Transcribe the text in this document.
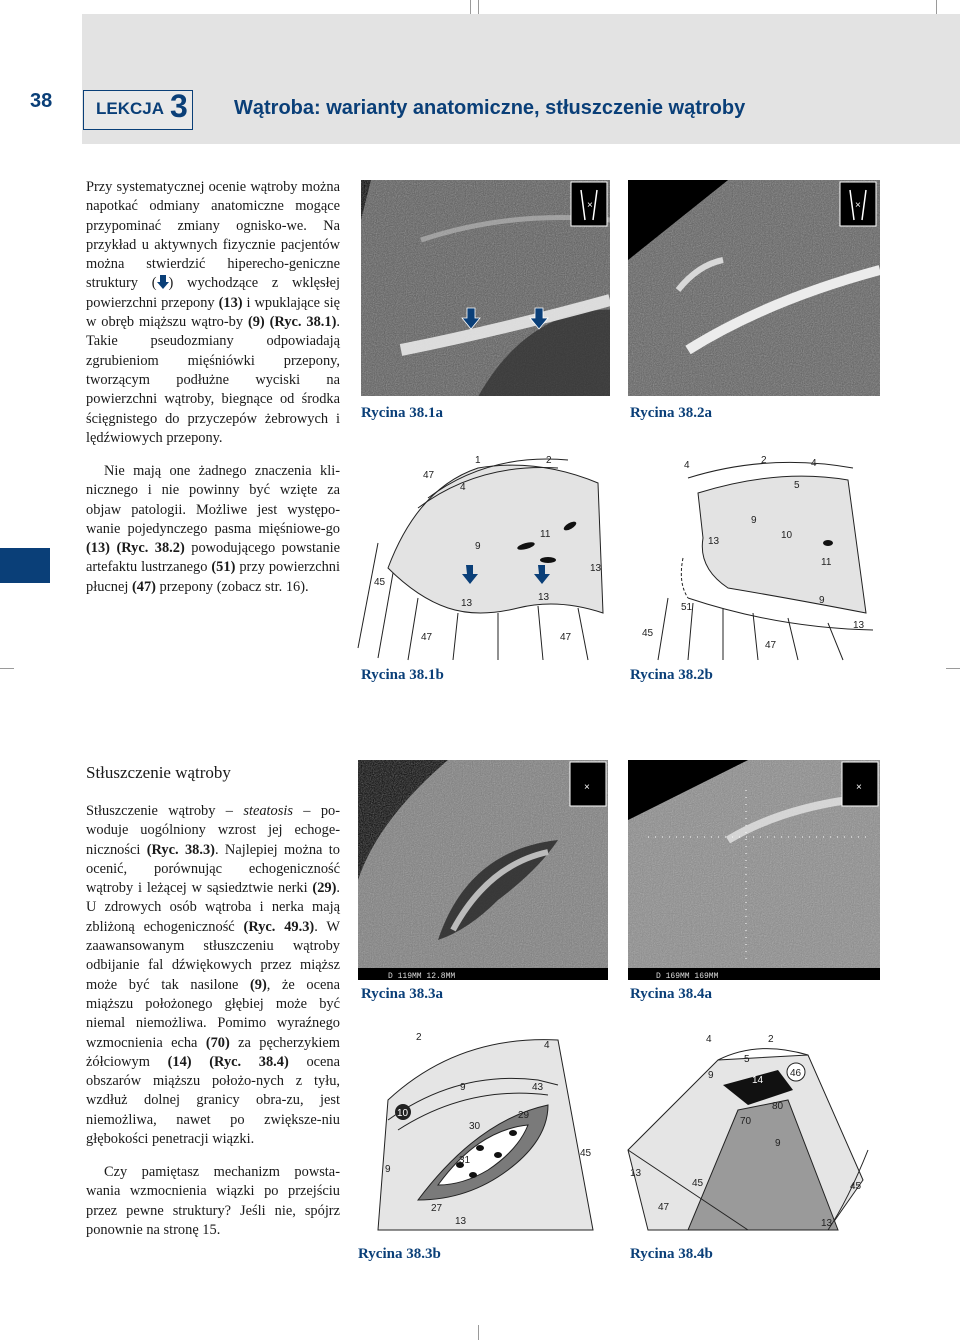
38	LEKCJA 3 Wątroba: warianty anatomiczne, stłuszczenie wątroby

Przy systematycznej ocenie wątroby można napotkać odmiany anatomiczne mogące przypominać zmiany ognisko-we. Na przykład u aktywnych fizycznie pacjentów można stwierdzić hiperecho-geniczne struktury ( ) wychodzące z wklęsłej powierzchni przepony (13) i wpuklające się w obręb miąższu wątro-by (9) (Ryc. 38.1). Takie pseudozmiany odpowiadają zgrubieniom mięśniówki przepony, tworzącym podłużne wyciski na powierzchni wątroby, biegnące od środka ścięgnistego do przyczepów żebrowych i lędźwiowych przepony.

Nie mają one żadnego znaczenia kli-nicznego i nie powinny być wzięte za objaw patologii. Możliwe jest występo-wanie pojedynczego pasma mięśniowe-go (13) (Ryc. 38.2) powodującego powstanie artefaktu lustrzanego (51) przy powierzchni płucnej (47) przepony (zobacz str. 16).

Stłuszczenie wątroby

Stłuszczenie wątroby – steatosis – po-woduje uogólniony wzrost jej echoge-niczności (Ryc. 38.3). Najlepiej można to ocenić, porównując echogeniczność wątroby i leżącej w sąsiedztwie nerki (29). U zdrowych osób wątroba i nerka mają zbliżoną echogeniczność (Ryc. 49.3). W zaawansowanym stłuszczeniu wątroby odbijanie fal dźwiękowych przez miąższ może być tak nasilone (9), że ocena miąższu położonego głębiej może być niemal niemożliwa. Pomimo wyraźnego wzmocnienia echa (70) za pęcherzykiem żółciowym (14) (Ryc. 38.4) ocena obszarów miąższu położo-nych z tyłu, wzdłuż dolnej granicy obra-zu, jest niemożliwa, nawet po zwiększe-niu głębokości penetracji wiązki.

Czy pamiętasz mechanizm powsta-wania wzmocnienia wiązki po przejściu przez pewne struktury? Jeśli nie, spójrz ponownie na stronę 15.

×
Rycina 38.1a
×
Rycina 38.2a
47
1	2
4
9
11
45
13
13
13
47	47
Rycina 38.1b
4	2	4
5
9
13
10
11
9
51
45
47
13
Rycina 38.2b
×
D 119MM 12.8MM
Rycina 38.3a
×
D 169MM 169MM
Rycina 38.4a
2
4
9	43
10	29
30
31
45
9
27
13
Rycina 38.3b
4	2
5
9	14
46
80
70
9
13
45	45
47
13
Rycina 38.4b
